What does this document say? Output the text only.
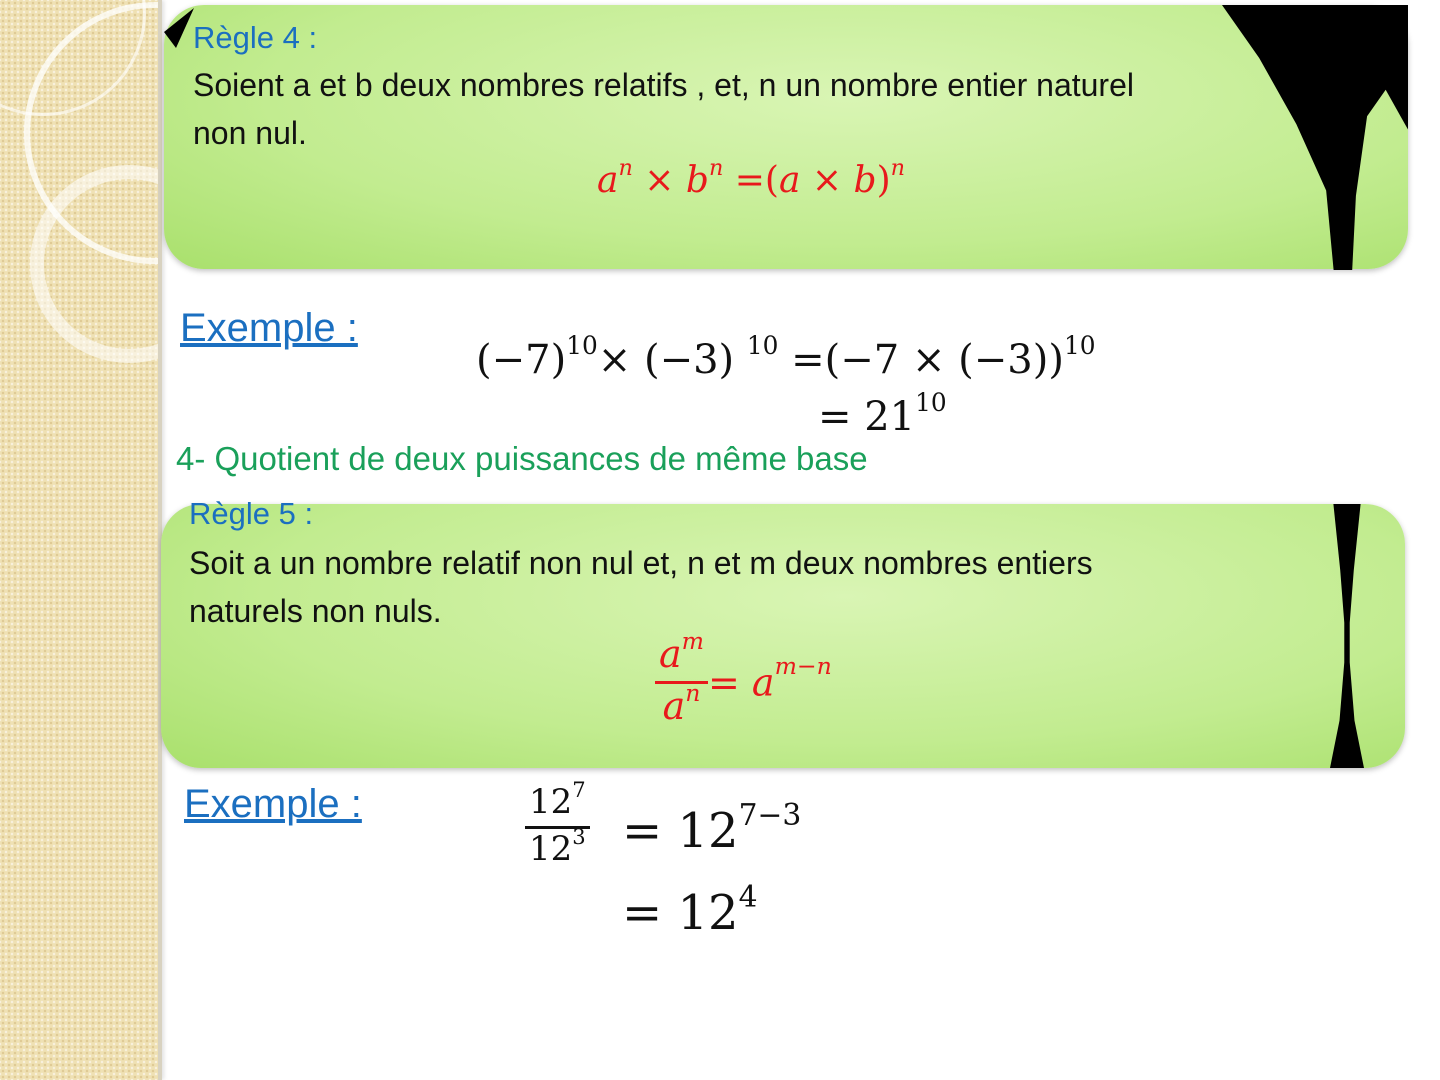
Règle 4 :
Soient a et b deux nombres relatifs , et, n un nombre entier naturel
non nul.
$a^n \times b^n =(a \times b)^n$
Exemple :
$(-7)^{10}\times (-3)$ $^{10} =(-7 \times (-3))^{10}$
= $21^{10}$
4- Quotient de deux puissances de même base
Règle 5 :
Soit a un nombre relatif non nul et, n et m deux nombres entiers
naturels non nuls.
$\frac{a^m}{a^n} = a^{m-n}$
Exemple :	$\frac{12^7}{12^3} = 12^{7-3}$
= $12^4$
